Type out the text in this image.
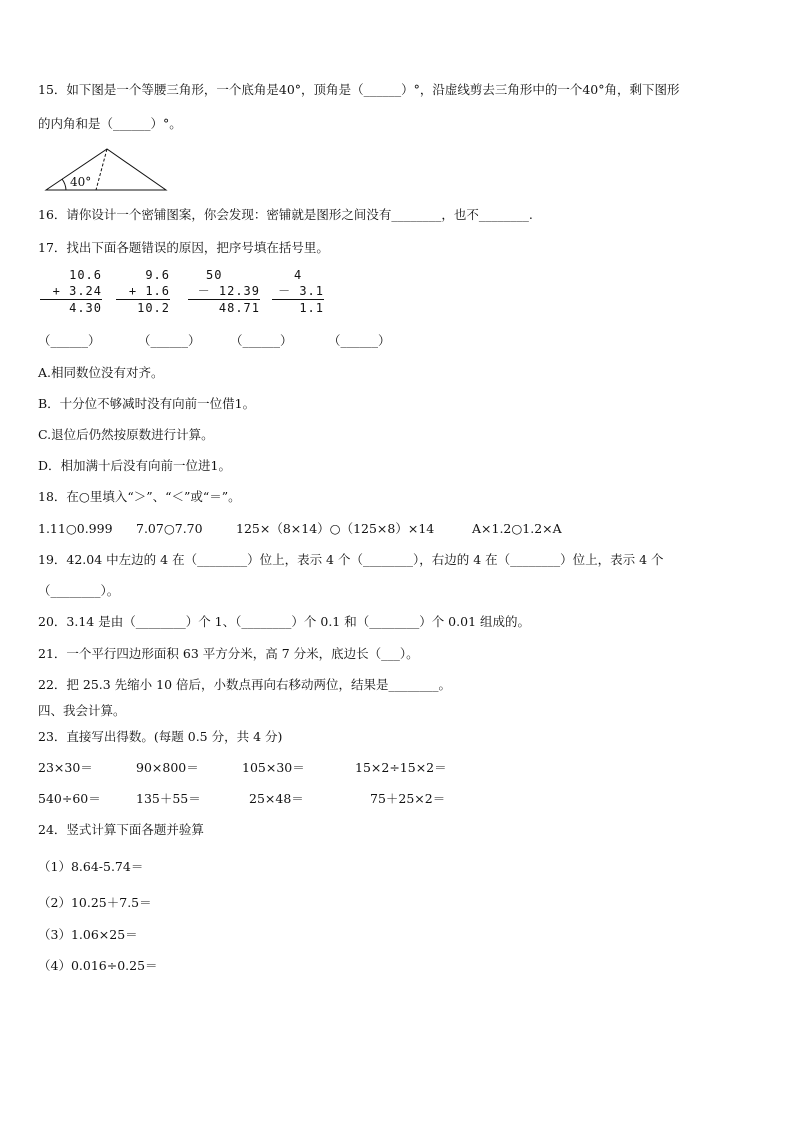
15．如下图是一个等腰三角形，一个底角是40°，顶角是（______）°，沿虚线剪去三角形中的一个40°角，剩下图形
的内角和是（______）°。
40°
16．请你设计一个密铺图案，你会发现：密铺就是图形之间没有________，也不________.
17．找出下面各题错误的原因，把序号填在括号里。
10.6
+ 3.24
4.30
9.6
+ 1.6
10.2
50
－ 12.39
48.71
4
－ 3.1
1.1
（______）	（______） （______）	（______）
A.相同数位没有对齐。
B．十分位不够减时没有向前一位借1。
C.退位后仍然按原数进行计算。
D．相加满十后没有向前一位进1。
18．在○里填入“＞”、“＜”或“＝”。
1.11○0.999 7.07○7.70	125×（8×14）○（125×8）×14	A×1.2○1.2×A
19．42.04 中左边的 4 在（________）位上，表示 4 个（________），右边的 4 在（________）位上，表示 4 个
（________）。
20．3.14 是由（________）个 1、（________）个 0.1 和（________）个 0.01 组成的。
21．一个平行四边形面积 63 平方分米，高 7 分米，底边长（___）。
22．把 25.3 先缩小 10 倍后，小数点再向右移动两位，结果是________。
四、我会计算。
23．直接写出得数。(每题 0.5 分，共 4 分)
23×30＝	90×800＝	105×30＝	15×2÷15×2＝
540÷60＝	135＋55＝	25×48＝	75＋25×2＝
24．竖式计算下面各题并验算
（1）8.64-5.74＝
（2）10.25＋7.5＝
（3）1.06×25＝
（4）0.016÷0.25＝
